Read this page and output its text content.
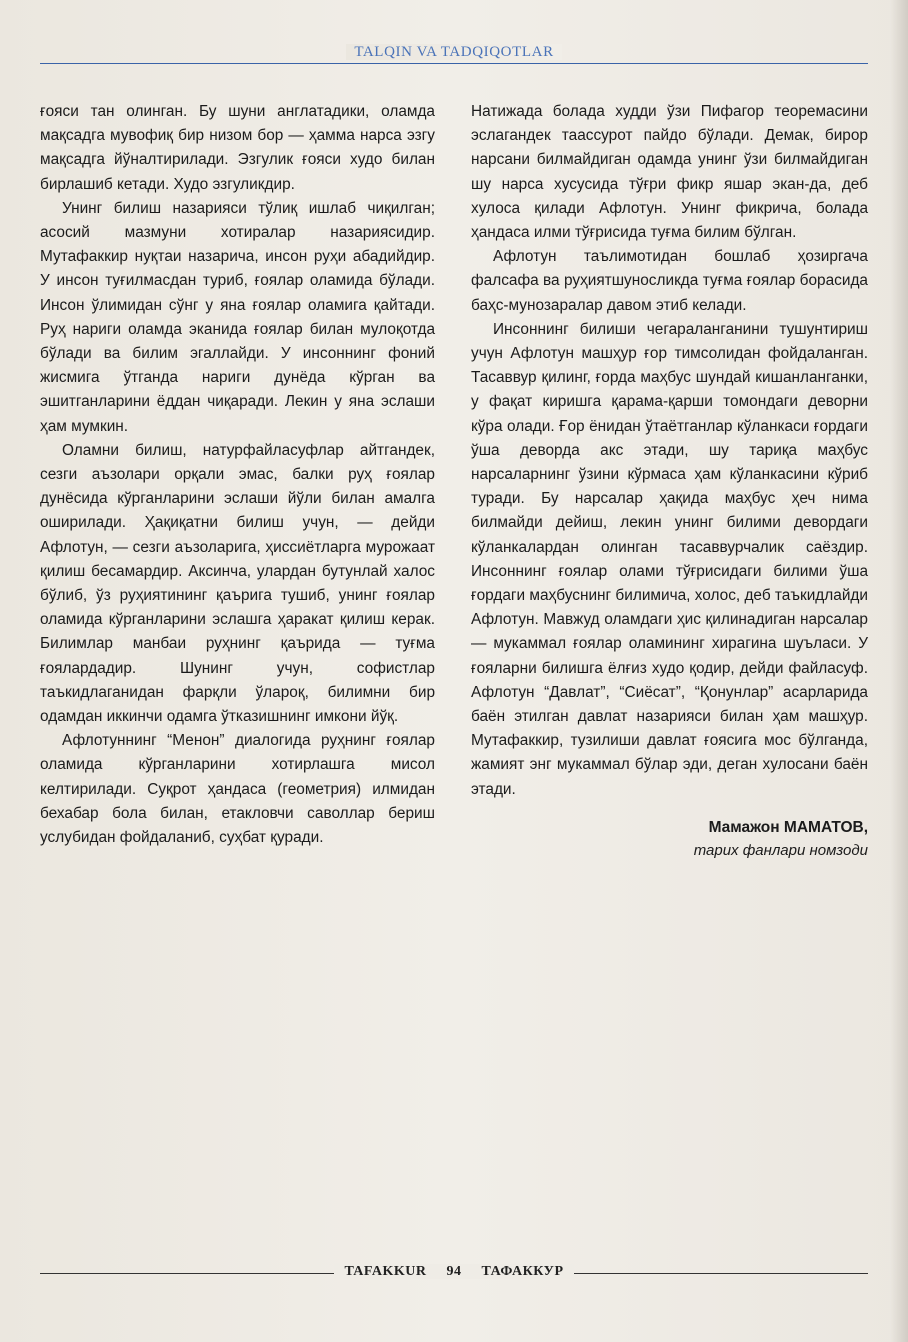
TALQIN VA TADQIQOTLAR

ғояси тан олинган. Бу шуни англатадики, оламда мақсадга мувофиқ бир низом бор — ҳамма нарса эзгу мақсадга йўналтирилади. Эзгулик ғояси худо билан бирлашиб кетади. Худо эзгуликдир.

Унинг билиш назарияси тўлиқ ишлаб чиқилган; асосий мазмуни хотиралар назариясидир. Мутафаккир нуқтаи назарича, инсон руҳи абадийдир. У инсон туғилмасдан туриб, ғоялар оламида бўлади. Инсон ўлимидан сўнг у яна ғоялар оламига қайтади. Руҳ нариги оламда эканида ғоялар билан мулоқотда бўлади ва билим эгаллайди. У инсоннинг фоний жисмига ўтганда нариги дунёда кўрган ва эшитганларини ёддан чиқаради. Лекин у яна эслаши ҳам мумкин.

Оламни билиш, натурфайласуфлар айтгандек, сезги аъзолари орқали эмас, балки руҳ ғоялар дунёсида кўрганларини эслаши йўли билан амалга оширилади. Ҳақиқатни билиш учун, — дейди Афлотун, — сезги аъзоларига, ҳиссиётларга мурожаат қилиш бесамардир. Аксинча, улардан бутунлай халос бўлиб, ўз руҳиятининг қаърига тушиб, унинг ғоялар оламида кўрганларини эслашга ҳаракат қилиш керак. Билимлар манбаи руҳнинг қаърида — туғма ғоялардадир. Шунинг учун, софистлар таъкидлаганидан фарқли ўлароқ, билимни бир одамдан иккинчи одамга ўтказишнинг имкони йўқ.

Афлотуннинг “Менон” диалогида руҳнинг ғоялар оламида кўрганларини хотирлашга мисол келтирилади. Суқрот ҳандаса (геометрия) илмидан бехабар бола билан, етакловчи саволлар бериш услубидан фойдаланиб, суҳбат қуради.

Натижада болада худди ўзи Пифагор теоремасини эслагандек таассурот пайдо бўлади. Демак, бирор нарсани билмайдиган одамда унинг ўзи билмайдиган шу нарса хусусида тўғри фикр яшар экан-да, деб хулоса қилади Афлотун. Унинг фикрича, болада ҳандаса илми тўғрисида туғма билим бўлган.

Афлотун таълимотидан бошлаб ҳозиргача фалсафа ва руҳиятшуносликда туғма ғоялар борасида баҳс-мунозаралар давом этиб келади.

Инсоннинг билиши чегараланганини тушунтириш учун Афлотун машҳур ғор тимсолидан фойдаланган. Тасаввур қилинг, ғорда маҳбус шундай кишанланганки, у фақат киришга қарама-қарши томондаги деворни кўра олади. Ғор ёнидан ўтаётганлар кўланкаси ғордаги ўша деворда акс этади, шу тариқа маҳбус нарсаларнинг ўзини кўрмаса ҳам кўланкасини кўриб туради. Бу нарсалар ҳақида маҳбус ҳеч нима билмайди дейиш, лекин унинг билими девордаги кўланкалардан олинган тасаввурчалик саёздир. Инсоннинг ғоялар олами тўғрисидаги билими ўша ғордаги маҳбуснинг билимича, холос, деб таъкидлайди Афлотун. Мавжуд оламдаги ҳис қилинадиган нарсалар — мукаммал ғоялар оламининг хирагина шуъласи. У ғояларни билишга ёлғиз худо қодир, дейди файласуф. Афлотун “Давлат”, “Сиёсат”, “Қонунлар” асарларида баён этилган давлат назарияси билан ҳам машҳур. Мутафаккир, тузилиши давлат ғоясига мос бўлганда, жамият энг мукаммал бўлар эди, деган хулосани баён этади.

Мамажон МАМАТОВ,
тарих фанлари номзоди
TAFAKKUR 94 ТАФАККУР
